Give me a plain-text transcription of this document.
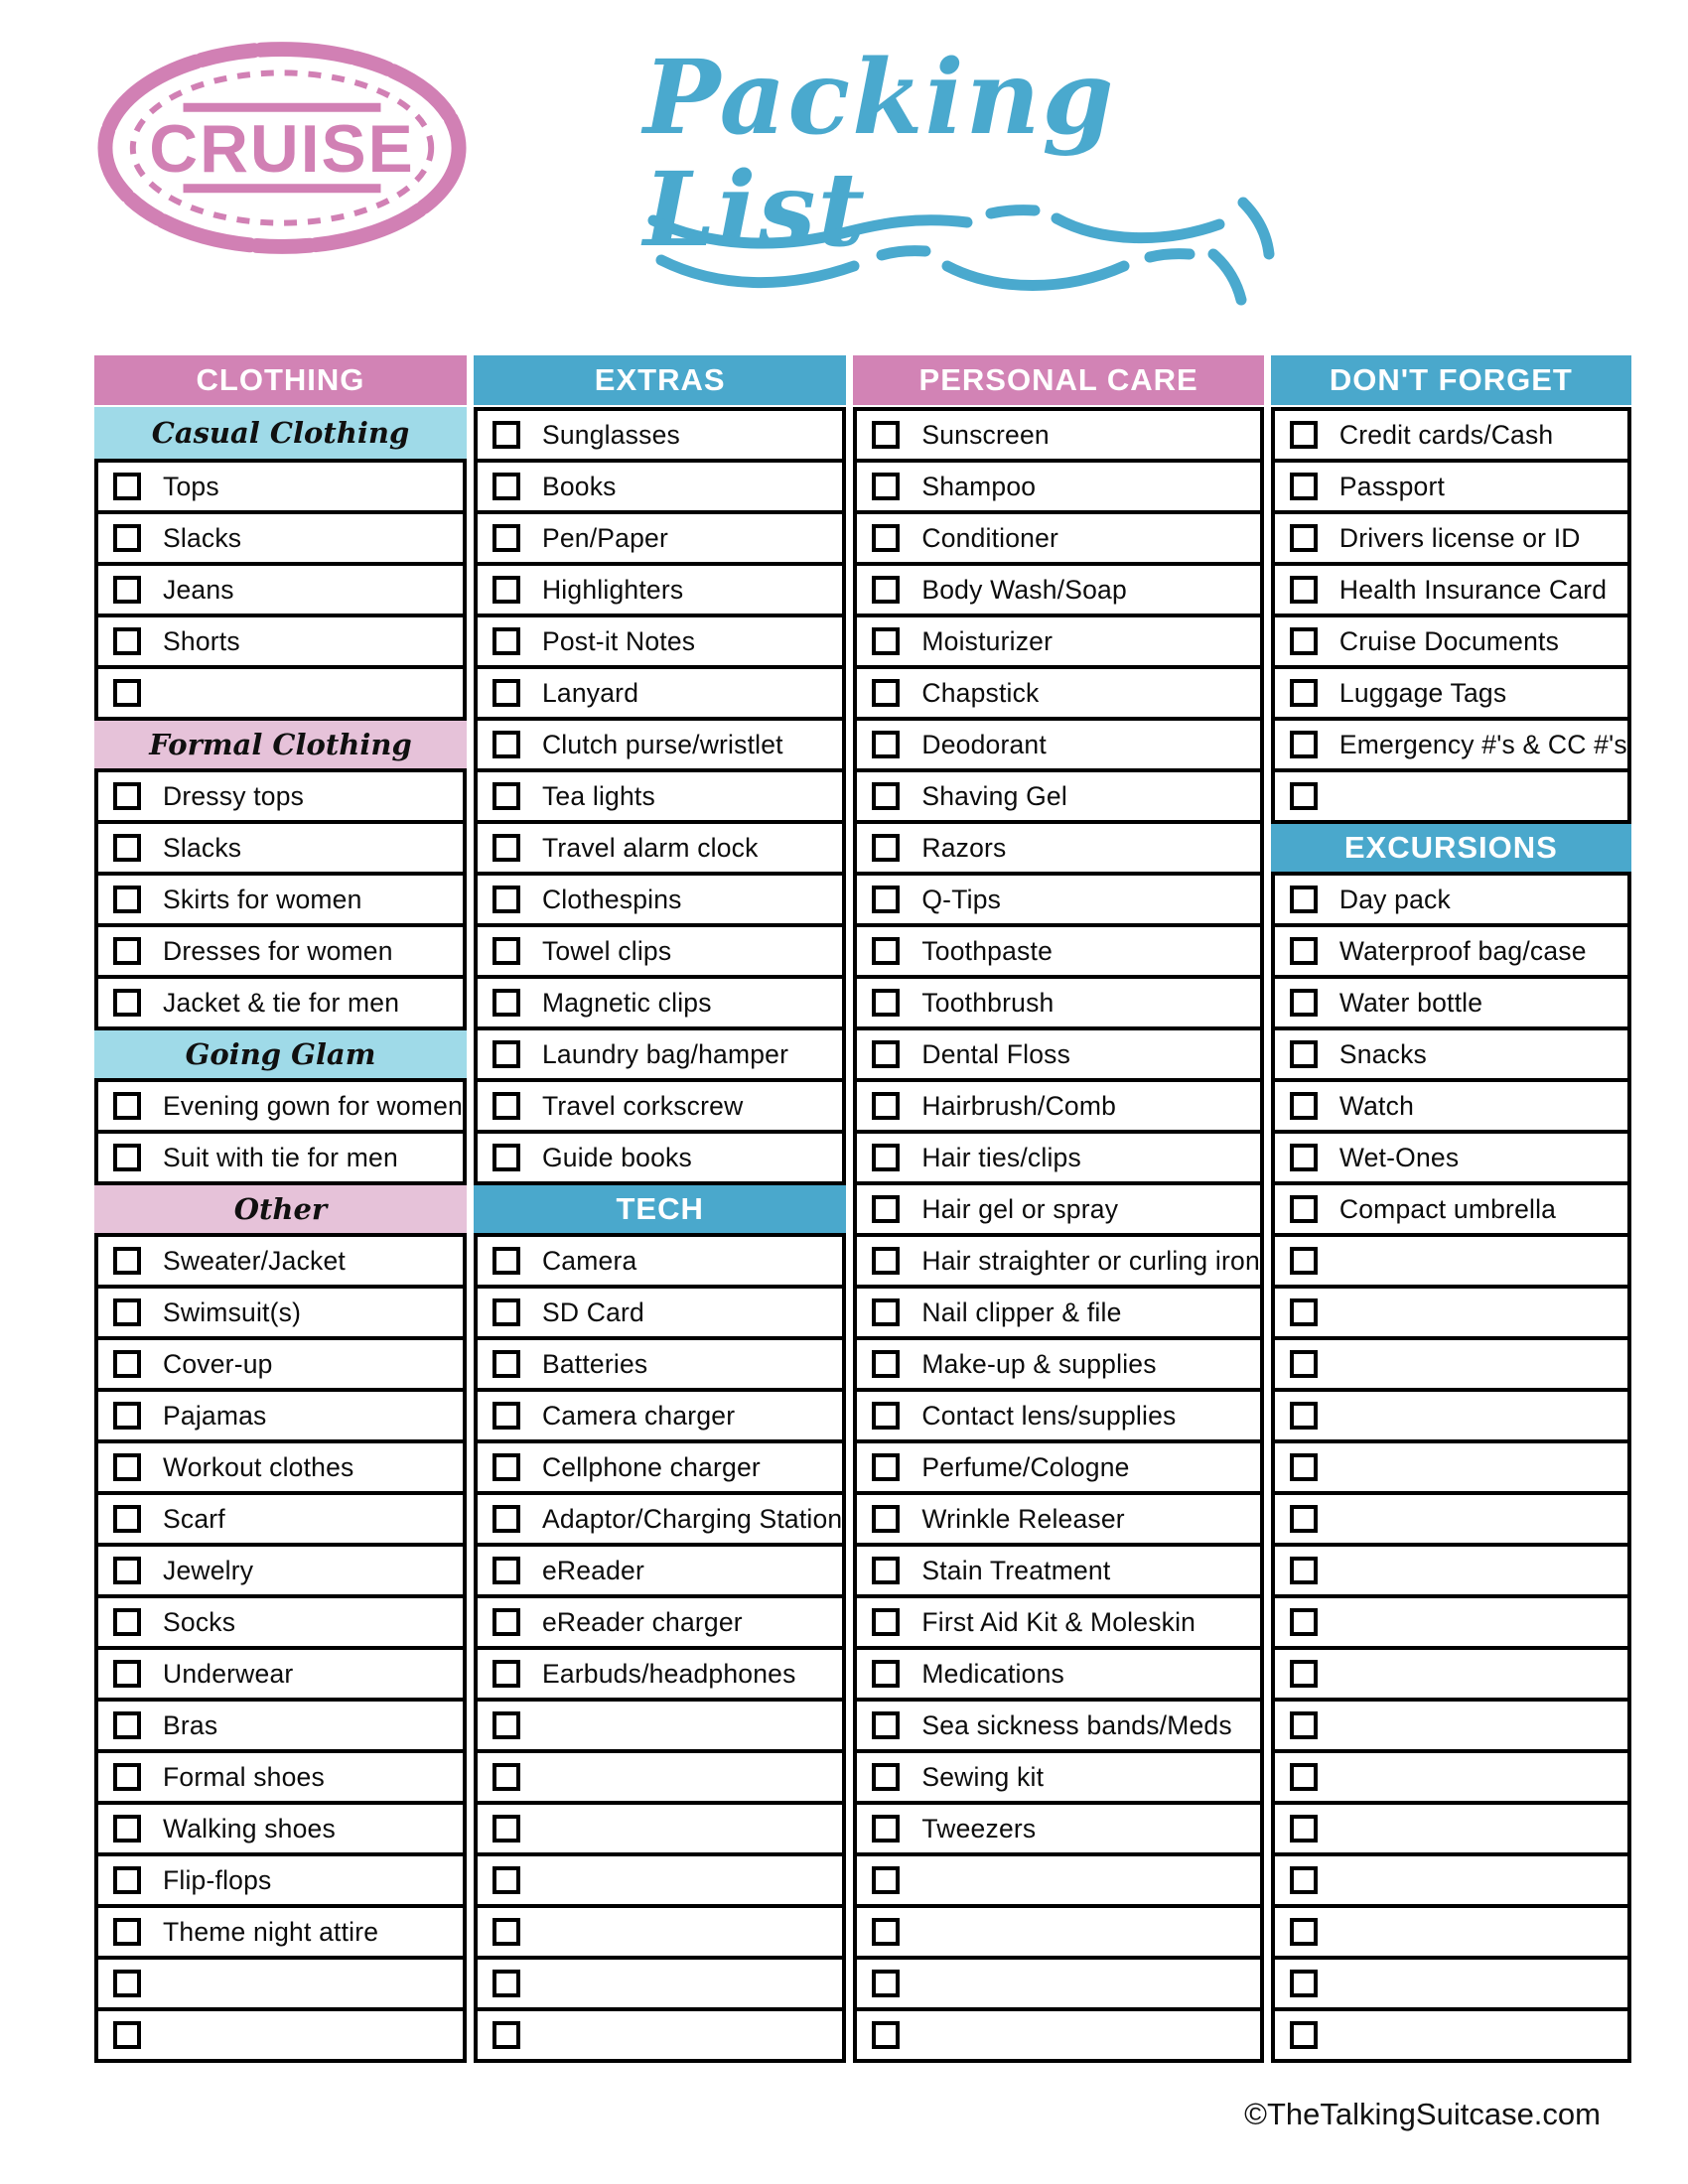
CRUISE Packing List
CLOTHING
Casual Clothing
Tops
Slacks
Jeans
Shorts
Formal Clothing
Dressy tops
Slacks
Skirts for women
Dresses for women
Jacket & tie for men
Going Glam
Evening gown for women
Suit with tie for men
Other
Sweater/Jacket
Swimsuit(s)
Cover-up
Pajamas
Workout clothes
Scarf
Jewelry
Socks
Underwear
Bras
Formal shoes
Walking shoes
Flip-flops
Theme night attire
EXTRAS
Sunglasses
Books
Pen/Paper
Highlighters
Post-it Notes
Lanyard
Clutch purse/wristlet
Tea lights
Travel alarm clock
Clothespins
Towel clips
Magnetic clips
Laundry bag/hamper
Travel corkscrew
Guide books
TECH
Camera
SD Card
Batteries
Camera charger
Cellphone charger
Adaptor/Charging Station
eReader
eReader charger
Earbuds/headphones
PERSONAL CARE
Sunscreen
Shampoo
Conditioner
Body Wash/Soap
Moisturizer
Chapstick
Deodorant
Shaving Gel
Razors
Q-Tips
Toothpaste
Toothbrush
Dental Floss
Hairbrush/Comb
Hair ties/clips
Hair gel or spray
Hair straighter or curling iron
Nail clipper & file
Make-up & supplies
Contact lens/supplies
Perfume/Cologne
Wrinkle Releaser
Stain Treatment
First Aid Kit & Moleskin
Medications
Sea sickness bands/Meds
Sewing kit
Tweezers
DON'T FORGET
Credit cards/Cash
Passport
Drivers license or ID
Health Insurance Card
Cruise Documents
Luggage Tags
Emergency #'s & CC #'s
EXCURSIONS
Day pack
Waterproof bag/case
Water bottle
Snacks
Watch
Wet-Ones
Compact umbrella
©TheTalkingSuitcase.com
